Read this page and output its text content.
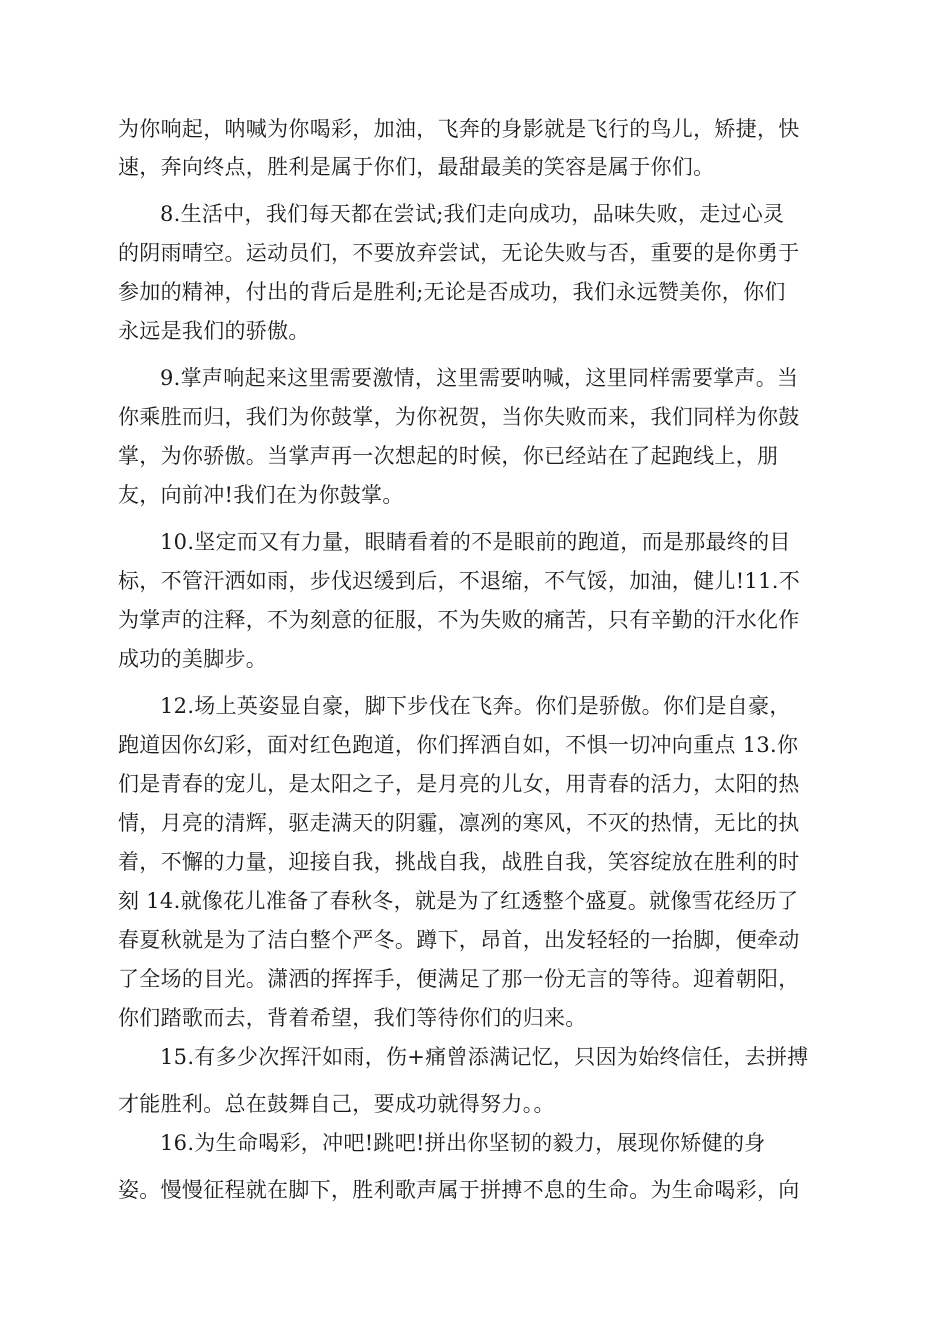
为你响起，呐喊为你喝彩，加油，飞奔的身影就是飞行的鸟儿，矫捷，快
速，奔向终点，胜利是属于你们，最甜最美的笑容是属于你们。
8.生活中，我们每天都在尝试;我们走向成功，品味失败，走过心灵
的阴雨晴空。运动员们，不要放弃尝试，无论失败与否，重要的是你勇于
参加的精神，付出的背后是胜利;无论是否成功，我们永远赞美你，你们
永远是我们的骄傲。
9.掌声响起来这里需要激情，这里需要呐喊，这里同样需要掌声。当
你乘胜而归，我们为你鼓掌，为你祝贺，当你失败而来，我们同样为你鼓
掌，为你骄傲。当掌声再一次想起的时候，你已经站在了起跑线上，朋
友，向前冲!我们在为你鼓掌。
10.坚定而又有力量，眼睛看着的不是眼前的跑道，而是那最终的目
标，不管汗洒如雨，步伐迟缓到后，不退缩，不气馁，加油，健儿!11.不
为掌声的注释，不为刻意的征服，不为失败的痛苦，只有辛勤的汗水化作
成功的美脚步。
12.场上英姿显自豪，脚下步伐在飞奔。你们是骄傲。你们是自豪，
跑道因你幻彩，面对红色跑道，你们挥洒自如，不惧一切冲向重点 13.你
们是青春的宠儿，是太阳之子，是月亮的儿女，用青春的活力，太阳的热
情，月亮的清辉，驱走满天的阴霾，凛冽的寒风，不灭的热情，无比的执
着，不懈的力量，迎接自我，挑战自我，战胜自我，笑容绽放在胜利的时
刻 14.就像花儿准备了春秋冬，就是为了红透整个盛夏。就像雪花经历了
春夏秋就是为了洁白整个严冬。蹲下，昂首，出发轻轻的一抬脚，便牵动
了全场的目光。潇洒的挥挥手，便满足了那一份无言的等待。迎着朝阳，
你们踏歌而去，背着希望，我们等待你们的归来。
15.有多少次挥汗如雨，伤+痛曾添满记忆，只因为始终信任，去拼搏
才能胜利。总在鼓舞自己，要成功就得努力。。
16.为生命喝彩，冲吧!跳吧!拼出你坚韧的毅力，展现你矫健的身
姿。慢慢征程就在脚下，胜利歌声属于拼搏不息的生命。为生命喝彩，向
